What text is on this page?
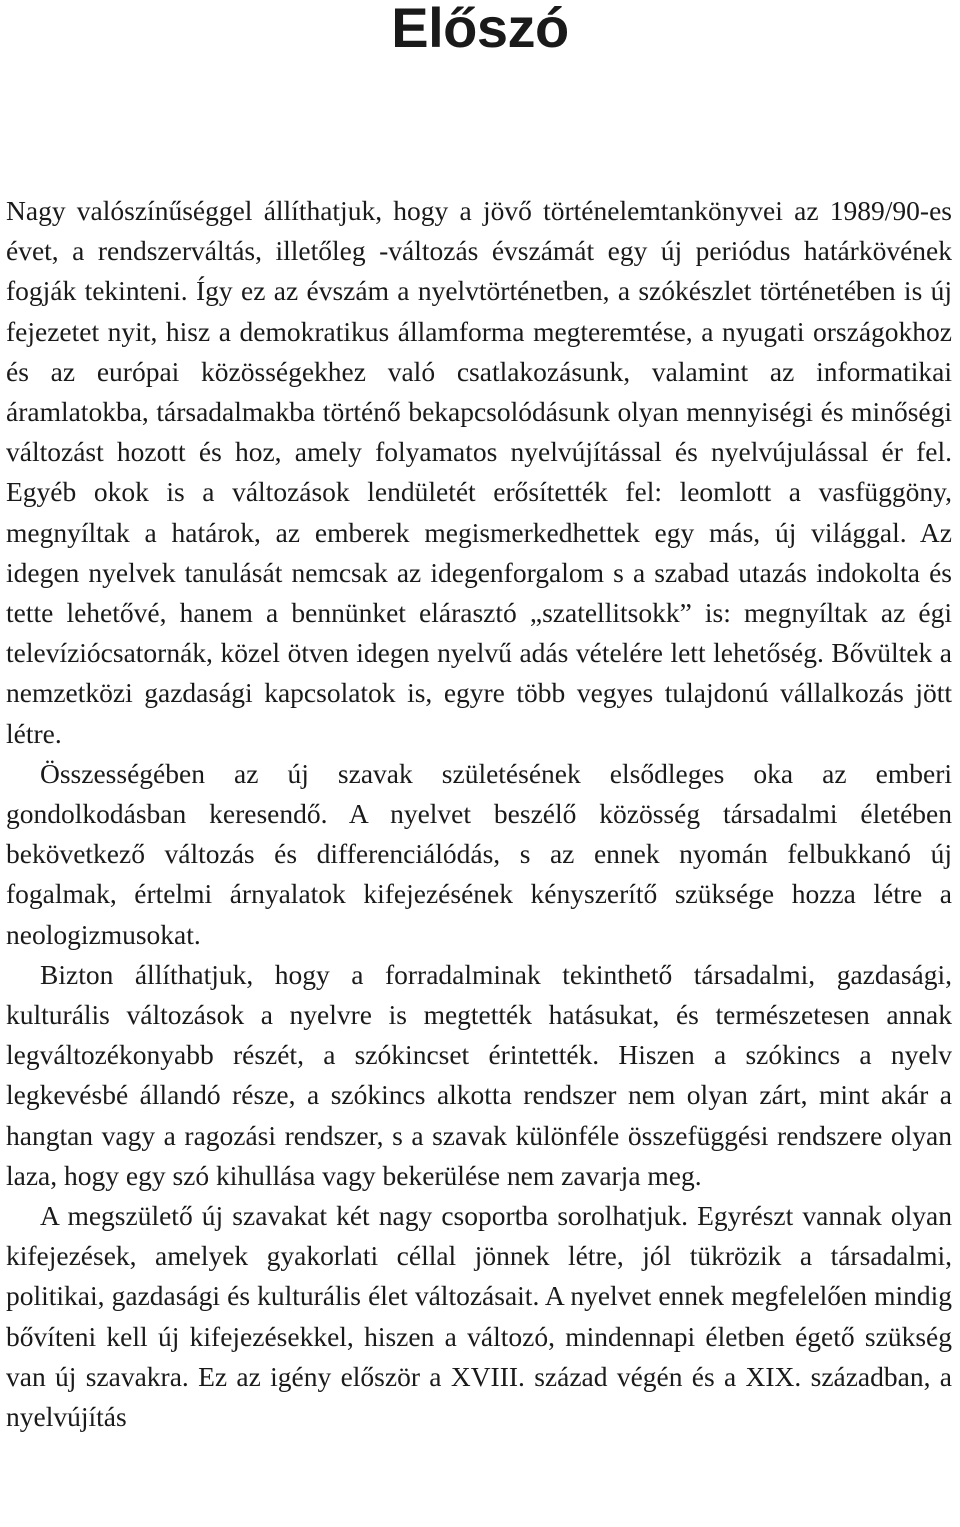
Előszó

Nagy valószínűséggel állíthatjuk, hogy a jövő történelemtankönyvei az 1989/90-es évet, a rendszerváltás, illetőleg -változás évszámát egy új periódus határkövének fogják tekinteni. Így ez az évszám a nyelvtörténetben, a szókészlet történetében is új fejezetet nyit, hisz a demokratikus államforma megteremtése, a nyugati országokhoz és az európai közösségekhez való csatlakozásunk, valamint az informatikai áramlatokba, társadalmakba történő bekapcsolódásunk olyan mennyiségi és minőségi változást hozott és hoz, amely folyamatos nyelvújítással és nyelvújulással ér fel. Egyéb okok is a változások lendületét erősítették fel: leomlott a vasfüggöny, megnyíltak a határok, az emberek megismerkedhettek egy más, új világgal. Az idegen nyelvek tanulását nemcsak az idegenforgalom s a szabad utazás indokolta és tette lehetővé, hanem a bennünket elárasztó „szatellitsokk” is: megnyíltak az égi televíziócsatornák, közel ötven idegen nyelvű adás vételére lett lehetőség. Bővültek a nemzetközi gazdasági kapcsolatok is, egyre több vegyes tulajdonú vállalkozás jött létre.

Összességében az új szavak születésének elsődleges oka az emberi gondolkodásban keresendő. A nyelvet beszélő közösség társadalmi életében bekövetkező változás és differenciálódás, s az ennek nyomán felbukkanó új fogalmak, értelmi árnyalatok kifejezésének kényszerítő szüksége hozza létre a neologizmusokat.

Bizton állíthatjuk, hogy a forradalminak tekinthető társadalmi, gazdasági, kulturális változások a nyelvre is megtették hatásukat, és természetesen annak legváltozékonyabb részét, a szókincset érintették. Hiszen a szókincs a nyelv legkevésbé állandó része, a szókincs alkotta rendszer nem olyan zárt, mint akár a hangtan vagy a ragozási rendszer, s a szavak különféle összefüggési rendszere olyan laza, hogy egy szó kihullása vagy bekerülése nem zavarja meg.

A megszülető új szavakat két nagy csoportba sorolhatjuk. Egyrészt vannak olyan kifejezések, amelyek gyakorlati céllal jönnek létre, jól tükrözik a társadalmi, politikai, gazdasági és kulturális élet változásait. A nyelvet ennek megfelelően mindig bővíteni kell új kifejezésekkel, hiszen a változó, mindennapi életben égető szükség van új szavakra. Ez az igény először a XVIII. század végén és a XIX. században, a nyelvújítás
